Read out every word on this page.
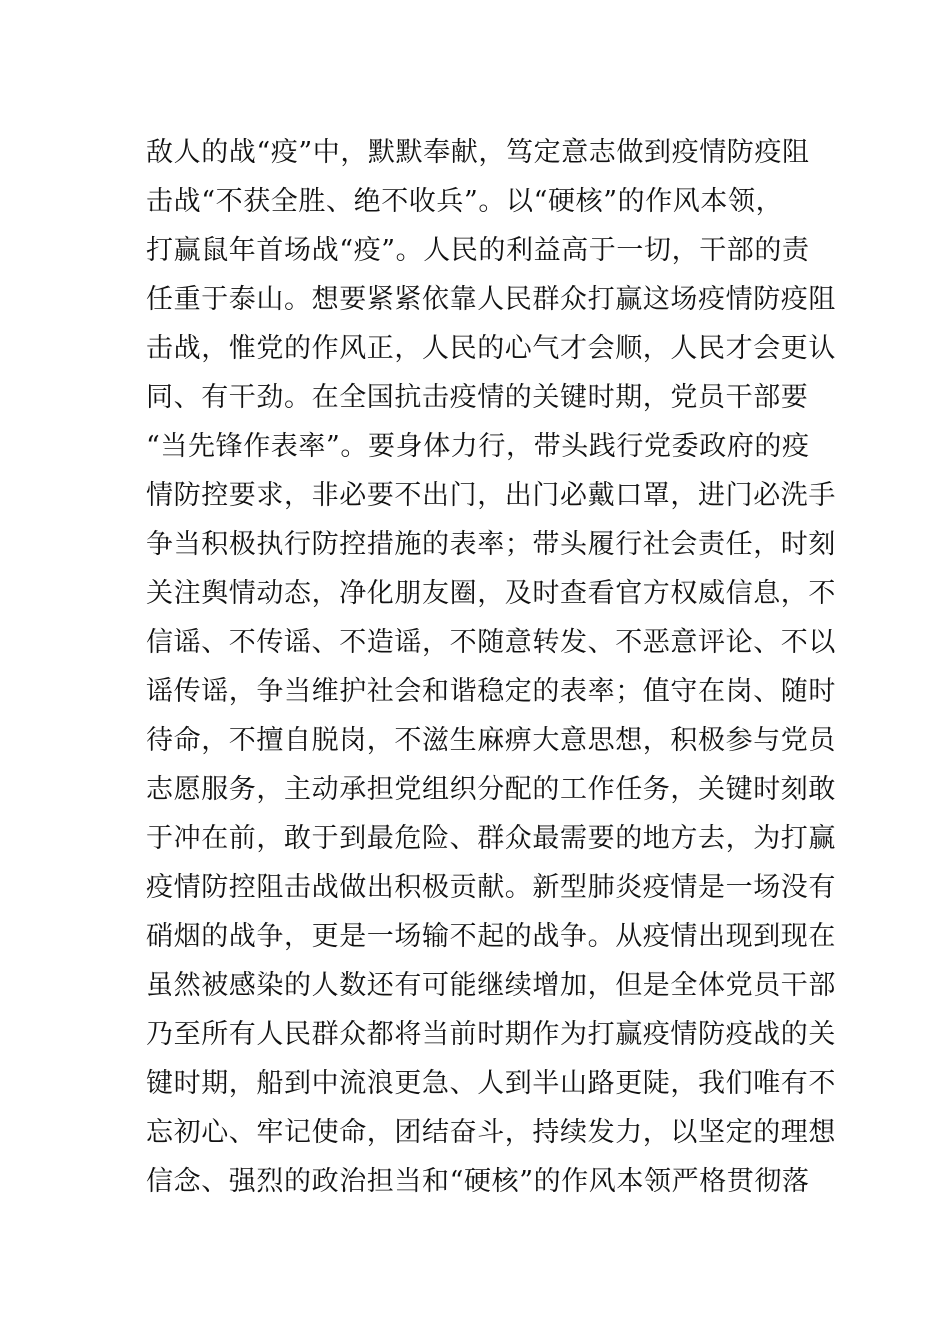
敌人的战“疫”中，默默奉献，笃定意志做到疫情防疫阻
击战“不获全胜、绝不收兵”。以“硬核”的作风本领，
打赢鼠年首场战“疫”。人民的利益高于一切，干部的责
任重于泰山。想要紧紧依靠人民群众打赢这场疫情防疫阻
击战，惟党的作风正，人民的心气才会顺，人民才会更认
同、有干劲。在全国抗击疫情的关键时期，党员干部要
“当先锋作表率”。要身体力行，带头践行党委政府的疫
情防控要求，非必要不出门，出门必戴口罩，进门必洗手
争当积极执行防控措施的表率；带头履行社会责任，时刻
关注舆情动态，净化朋友圈，及时查看官方权威信息，不
信谣、不传谣、不造谣，不随意转发、不恶意评论、不以
谣传谣，争当维护社会和谐稳定的表率；值守在岗、随时
待命，不擅自脱岗，不滋生麻痹大意思想，积极参与党员
志愿服务，主动承担党组织分配的工作任务，关键时刻敢
于冲在前，敢于到最危险、群众最需要的地方去，为打赢
疫情防控阻击战做出积极贡献。新型肺炎疫情是一场没有
硝烟的战争，更是一场输不起的战争。从疫情出现到现在
虽然被感染的人数还有可能继续增加，但是全体党员干部
乃至所有人民群众都将当前时期作为打赢疫情防疫战的关
键时期，船到中流浪更急、人到半山路更陡，我们唯有不
忘初心、牢记使命，团结奋斗，持续发力，以坚定的理想
信念、强烈的政治担当和“硬核”的作风本领严格贯彻落
